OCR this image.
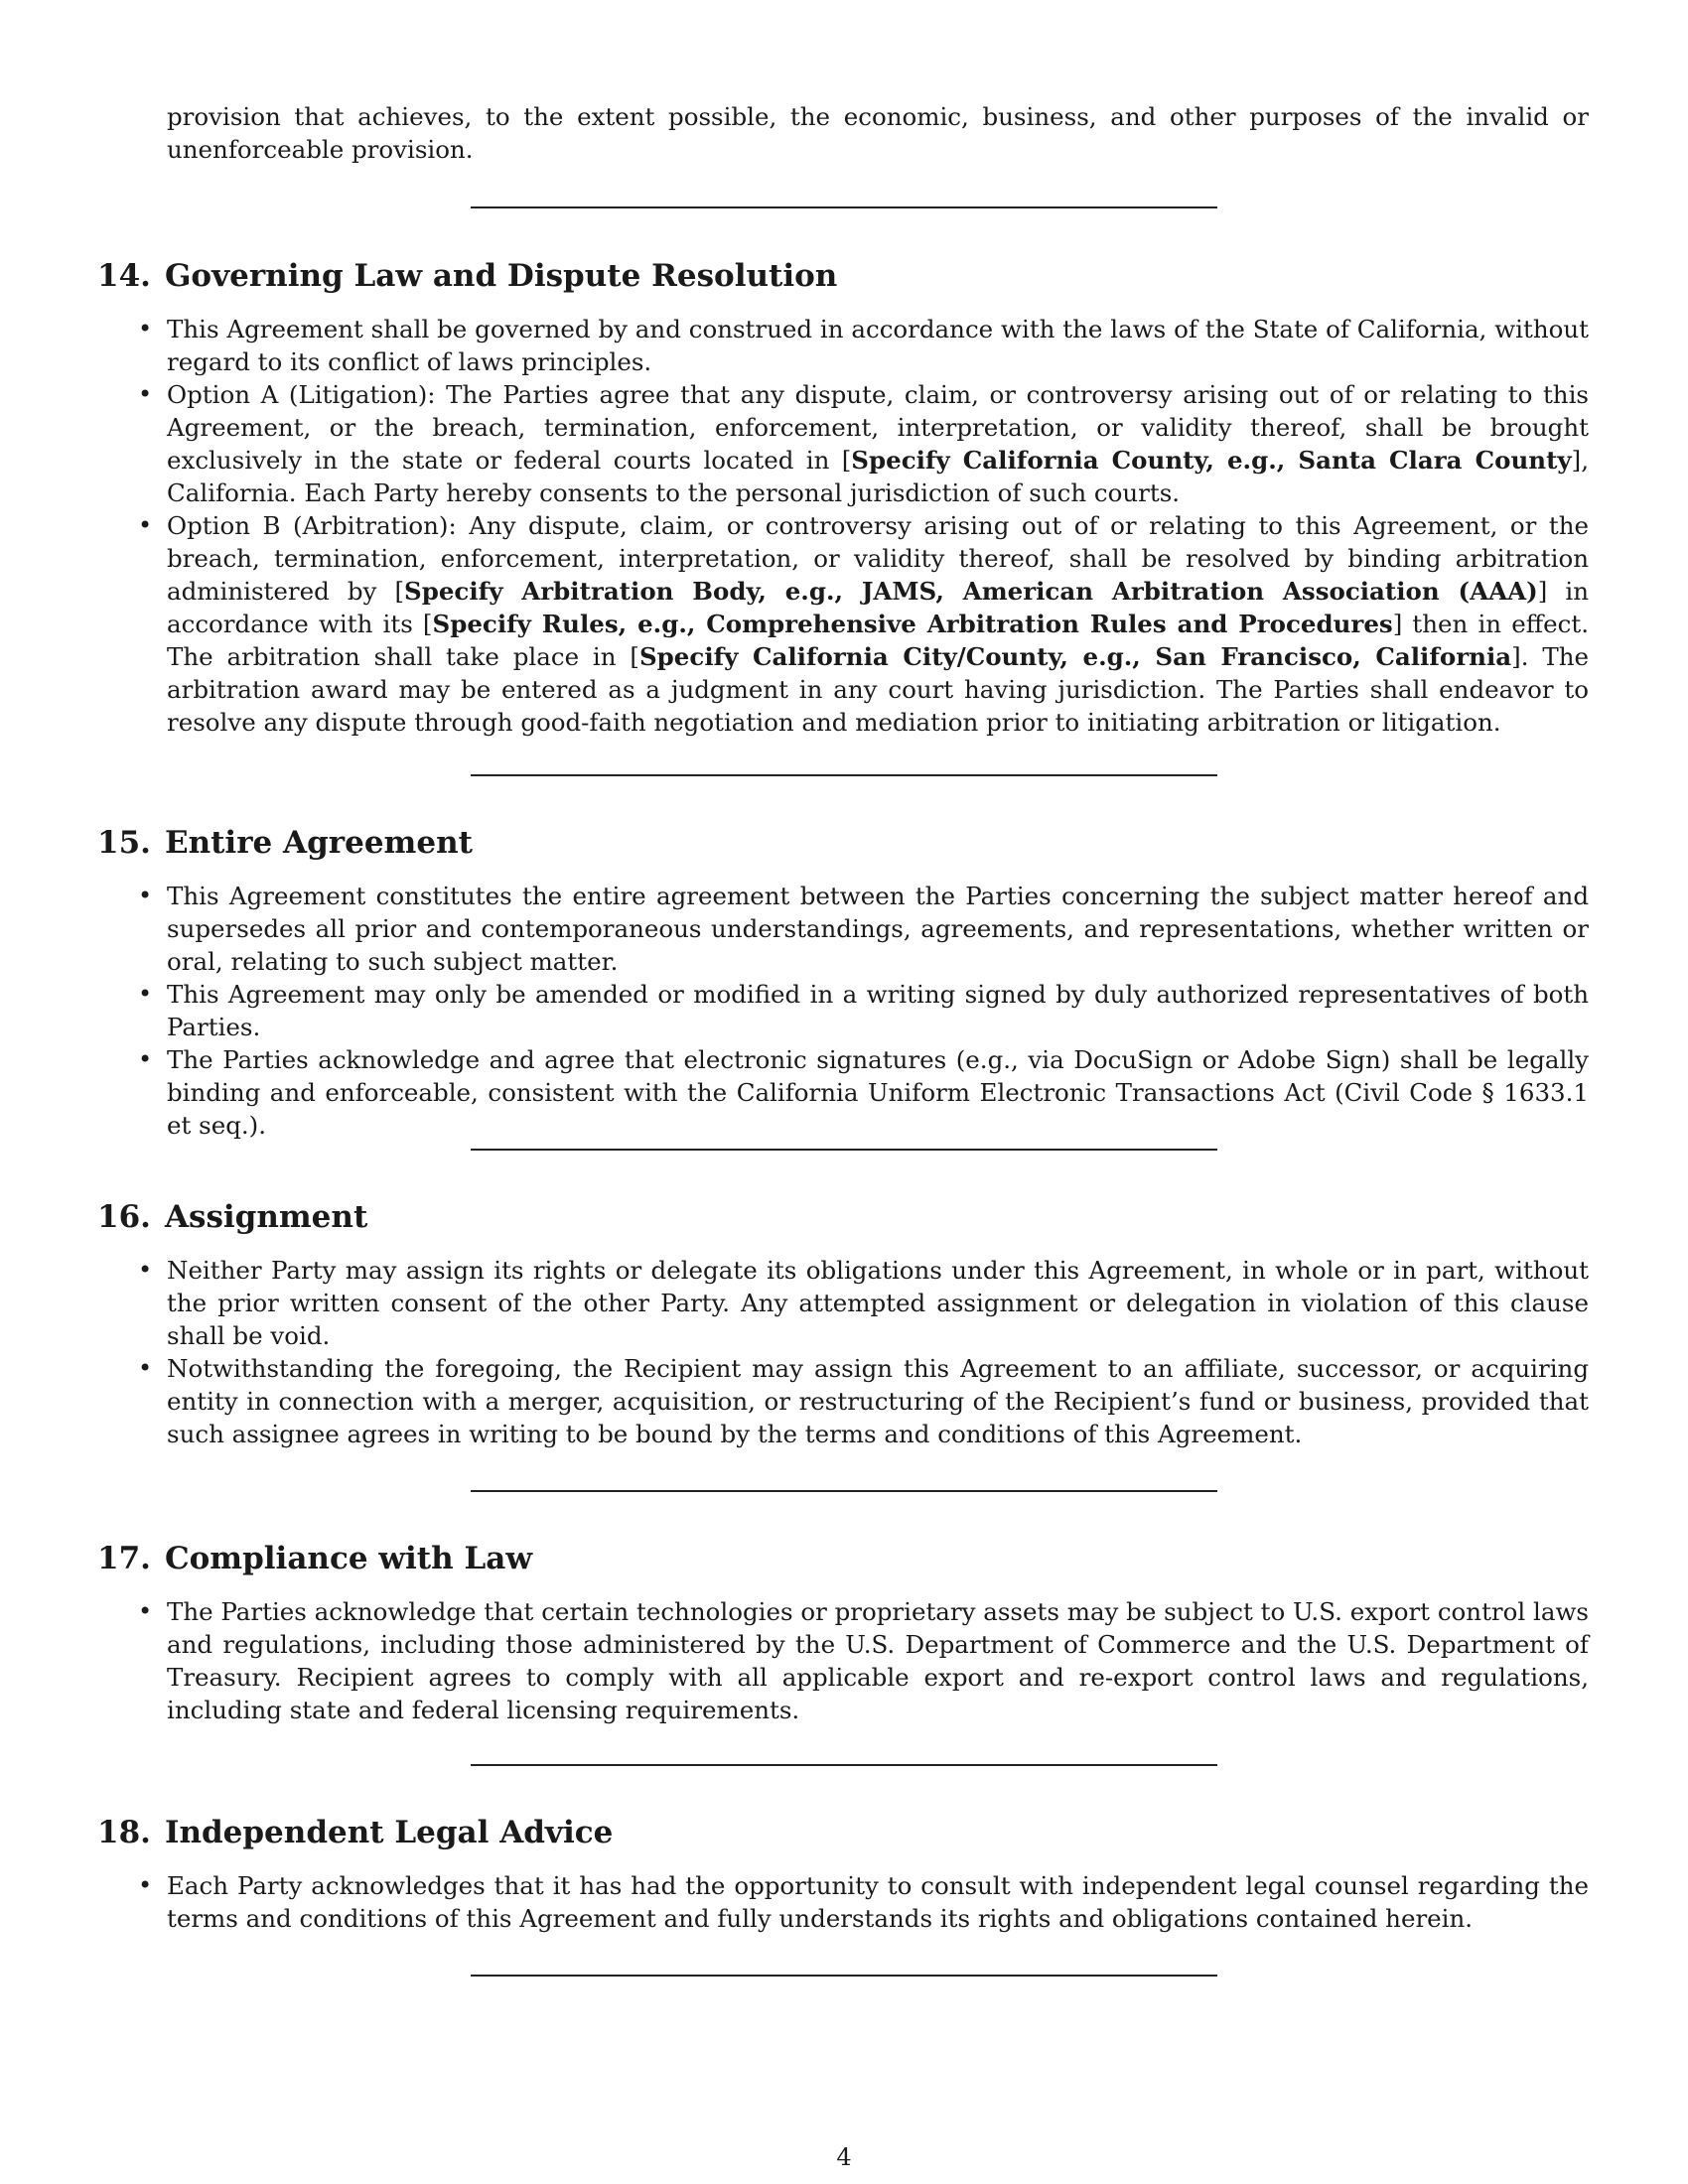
provision that achieves, to the extent possible, the economic, business, and other purposes of the invalid or unenforceable provision.

14. Governing Law and Dispute Resolution
• This Agreement shall be governed by and construed in accordance with the laws of the State of California, without regard to its conflict of laws principles.
• Option A (Litigation): The Parties agree that any dispute, claim, or controversy arising out of or relating to this Agreement, or the breach, termination, enforcement, interpretation, or validity thereof, shall be brought exclusively in the state or federal courts located in [Specify California County, e.g., Santa Clara County], California. Each Party hereby consents to the personal jurisdiction of such courts.
• Option B (Arbitration): Any dispute, claim, or controversy arising out of or relating to this Agreement, or the breach, termination, enforcement, interpretation, or validity thereof, shall be resolved by binding arbitration administered by [Specify Arbitration Body, e.g., JAMS, American Arbitration Association (AAA)] in accordance with its [Specify Rules, e.g., Comprehensive Arbitration Rules and Procedures] then in effect. The arbitration shall take place in [Specify California City/County, e.g., San Francisco, California]. The arbitration award may be entered as a judgment in any court having jurisdiction. The Parties shall endeavor to resolve any dispute through good-faith negotiation and mediation prior to initiating arbitration or litigation.
15. Entire Agreement
• This Agreement constitutes the entire agreement between the Parties concerning the subject matter hereof and supersedes all prior and contemporaneous understandings, agreements, and representations, whether written or oral, relating to such subject matter.
• This Agreement may only be amended or modified in a writing signed by duly authorized representatives of both Parties.
• The Parties acknowledge and agree that electronic signatures (e.g., via DocuSign or Adobe Sign) shall be legally binding and enforceable, consistent with the California Uniform Electronic Transactions Act (Civil Code § 1633.1 et seq.).
16. Assignment
• Neither Party may assign its rights or delegate its obligations under this Agreement, in whole or in part, without the prior written consent of the other Party. Any attempted assignment or delegation in violation of this clause shall be void.
• Notwithstanding the foregoing, the Recipient may assign this Agreement to an affiliate, successor, or acquiring entity in connection with a merger, acquisition, or restructuring of the Recipient’s fund or business, provided that such assignee agrees in writing to be bound by the terms and conditions of this Agreement.
17. Compliance with Law
• The Parties acknowledge that certain technologies or proprietary assets may be subject to U.S. export control laws and regulations, including those administered by the U.S. Department of Commerce and the U.S. Department of Treasury. Recipient agrees to comply with all applicable export and re-export control laws and regulations, including state and federal licensing requirements.
18. Independent Legal Advice
• Each Party acknowledges that it has had the opportunity to consult with independent legal counsel regarding the terms and conditions of this Agreement and fully understands its rights and obligations contained herein.
4
